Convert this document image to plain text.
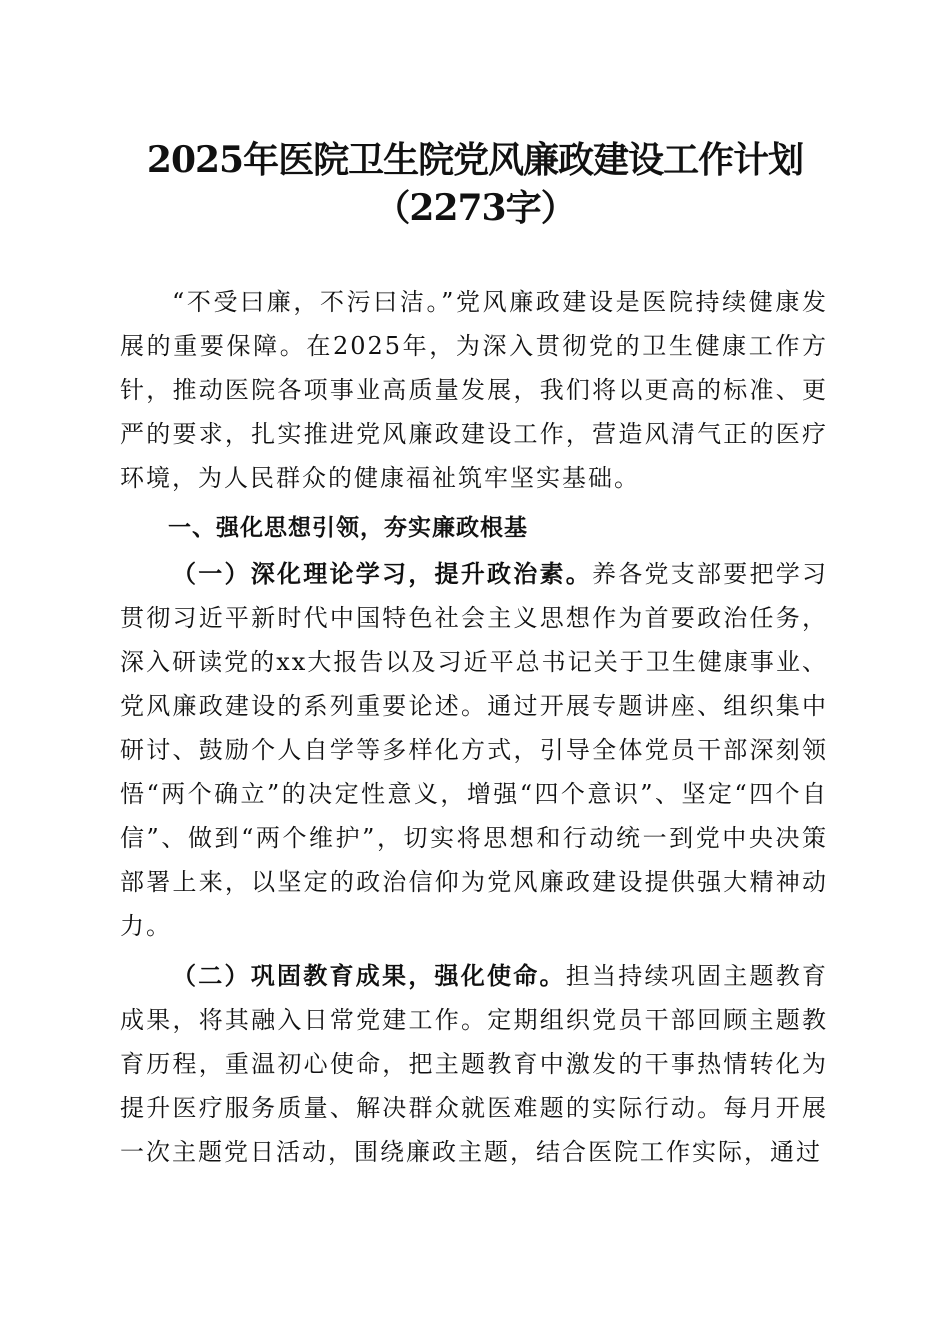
2025年医院卫生院党风廉政建设工作计划
（2273字）

“不受曰廉，不污曰洁。”党风廉政建设是医院持续健康发展的重要保障。在2025年，为深入贯彻党的卫生健康工作方针，推动医院各项事业高质量发展，我们将以更高的标准、更严的要求，扎实推进党风廉政建设工作，营造风清气正的医疗环境，为人民群众的健康福祉筑牢坚实基础。

一、强化思想引领，夯实廉政根基

（一）深化理论学习，提升政治素。养各党支部要把学习贯彻习近平新时代中国特色社会主义思想作为首要政治任务，深入研读党的xx大报告以及习近平总书记关于卫生健康事业、党风廉政建设的系列重要论述。通过开展专题讲座、组织集中研讨、鼓励个人自学等多样化方式，引导全体党员干部深刻领悟“两个确立”的决定性意义，增强“四个意识”、坚定“四个自信”、做到“两个维护”，切实将思想和行动统一到党中央决策部署上来，以坚定的政治信仰为党风廉政建设提供强大精神动力。

（二）巩固教育成果，强化使命。担当持续巩固主题教育成果，将其融入日常党建工作。定期组织党员干部回顾主题教育历程，重温初心使命，把主题教育中激发的干事热情转化为提升医疗服务质量、解决群众就医难题的实际行动。每月开展一次主题党日活动，围绕廉政主题，结合医院工作实际，通过
